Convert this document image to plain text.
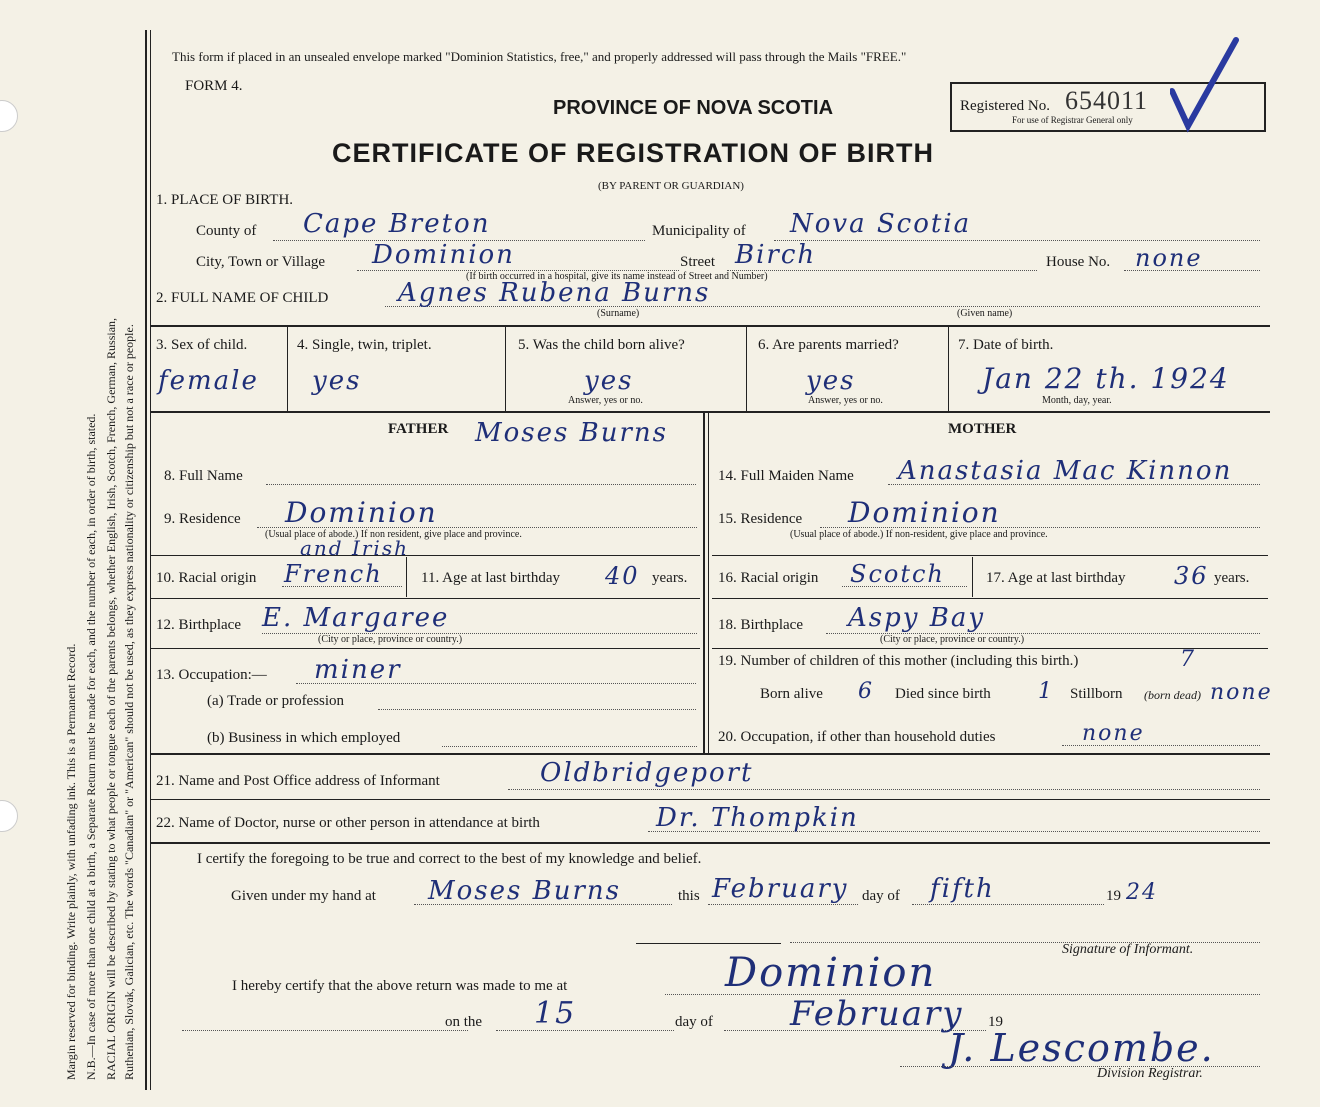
Margin reserved for binding. Write plainly, with unfading ink. This is a Permanent Record. N.B.—In case of more than one child at a birth, a Separate Return must be made for each, and the number of each, in order of birth, stated. RACIAL ORIGIN will be described by stating to what people or tongue each of the parents belongs, whether English, Irish, Scotch, French, German, Russian, Ruthenian, Slovak, Galician, etc. The words "Canadian" or "American" should not be used, as they express nationality or citizenship but not a race or people.
This form if placed in an unsealed envelope marked "Dominion Statistics, free," and properly addressed will pass through the Mails "FREE."
FORM 4.
PROVINCE OF NOVA SCOTIA
CERTIFICATE OF REGISTRATION OF BIRTH
(BY PARENT OR GUARDIAN)
Registered No. 654011
For use of Registrar General only
1. PLACE OF BIRTH.
County of Cape Breton	Municipality of Nova Scotia
City, Town or Village Dominion	Street Birch	House No. none
(If birth occurred in a hospital, give its name instead of Street and Number)
2. FULL NAME OF CHILD	Agnes Rubena Burns
(Surname)	(Given name)
3. Sex of child.
female
4. Single, twin, triplet.
yes
5. Was the child born alive?
yes
Answer, yes or no.
6. Are parents married?
yes
Answer, yes or no.
7. Date of birth.
Jan 22 th. 1924
Month, day, year.
FATHER Moses Burns	MOTHER
8. Full Name	14. Full Maiden Name Anastasia Mac Kinnon
9. Residence Dominion
(Usual place of abode.) If non resident, give place and province.
15. Residence Dominion
(Usual place of abode.) If non-resident, give place and province.
and Irish
10. Racial origin French	11. Age at last birthday 40 years. 16. Racial origin Scotch	17. Age at last birthday 36 years.
12. Birthplace E. Margaree
(City or place, province or country.)
18. Birthplace Aspy Bay
(City or place, province or country.)
13. Occupation:— miner
(a) Trade or profession
(b) Business in which employed
19. Number of children of this mother (including this birth.)	7
Born alive 6 Died since birth 1 Stillborn (born dead) none
20. Occupation, if other than household duties	none
21. Name and Post Office address of Informant	Oldbridgeport
22. Name of Doctor, nurse or other person in attendance at birth	Dr. Thompkin
I certify the foregoing to be true and correct to the best of my knowledge and belief.
Given under my hand at Moses Burns	this February day of fifth	19 24
Signature of Informant.
I hereby certify that the above return was made to me at	Dominion
on the 15	day of February 19
J. Lescombe.
Division Registrar.
